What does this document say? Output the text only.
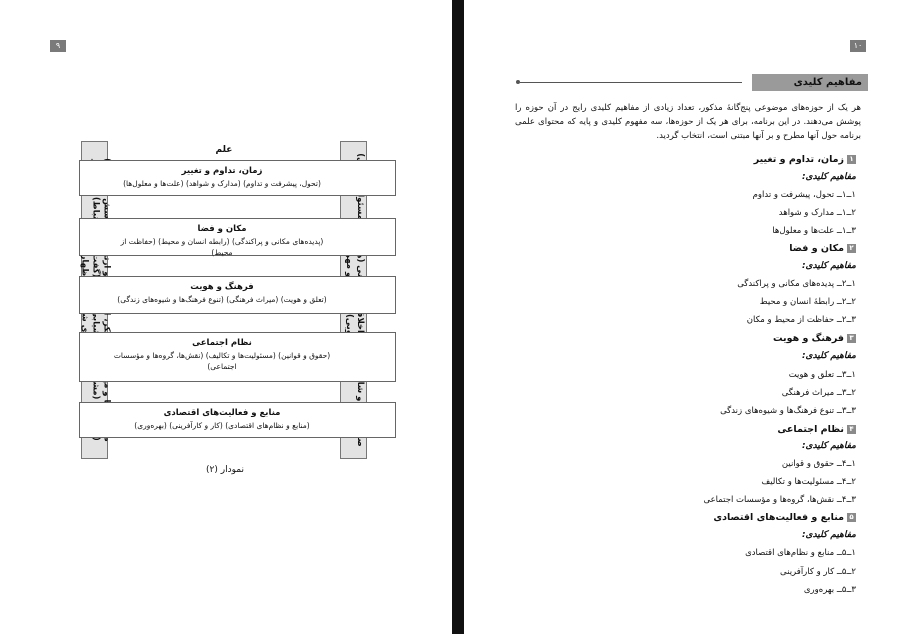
۹
علم
زمان، تداوم و تغییر
(تحول، پیشرفت و تداوم) (مدارک و شواهد) (علت‌ها و معلول‌ها)
مکان و فضا
(پدیده‌های مکانی و پراکندگی) (رابطه انسان و محیط) (حفاظت از محیط)
فرهنگ و هویت
(تعلق و هویت) (میراث فرهنگی) (تنوع فرهنگ‌ها و شیوه‌های زندگی)
نظام اجتماعی
(حقوق و قوانین) (مسئولیت‌ها و تکالیف) (نقش‌ها، گروه‌ها و مؤسسات اجتماعی)
منابع و فعالیت‌های اقتصادی
(منابع و نظام‌های اقتصادی) (کار و کارآفرینی) (بهره‌وری)
نمودار (۲)
۱۰
مفاهیم کلیدی
هر یک از حوزه‌های موضوعی پنج‌گانهٔ مذکور، تعداد زیادی از مفاهیم کلیدی رایج در آن حوزه را پوشش می‌دهند. در این برنامه، برای هر یک از حوزه‌ها، سه مفهوم کلیدی و پایه که محتوای علمی برنامه حول آنها مطرح و بر آنها مبتنی است، انتخاب گردید.
۱زمان، تداوم و تغییر
مفاهیم کلیدی:
۱ــ۱ــ تحول، پیشرفت و تداوم
۲ــ۱ــ مدارک و شواهد
۳ــ۱ــ علت‌ها و معلول‌ها
۲مکان و فضا
مفاهیم کلیدی:
۱ــ۲ــ پدیده‌های مکانی و پراکندگی
۲ــ۲ــ رابطهٔ انسان و محیط
۳ــ۲ــ حفاظت از محیط و مکان
۳فرهنگ و هویت
مفاهیم کلیدی:
۱ــ۳ــ تعلق و هویت
۲ــ۳ــ میراث فرهنگی
۳ــ۳ــ تنوع فرهنگ‌ها و شیوه‌های زندگی
۴نظام اجتماعی
مفاهیم کلیدی:
۱ــ۴ــ حقوق و قوانین
۲ــ۴ــ مسئولیت‌ها و تکالیف
۳ــ۴ــ نقش‌ها، گروه‌ها و مؤسسات اجتماعی
۵منابع و فعالیت‌های اقتصادی
مفاهیم کلیدی:
۱ــ۵ــ منابع و نظام‌های اقتصادی
۲ــ۵ــ کار و کارآفرینی
۳ــ۵ــ بهره‌وری
